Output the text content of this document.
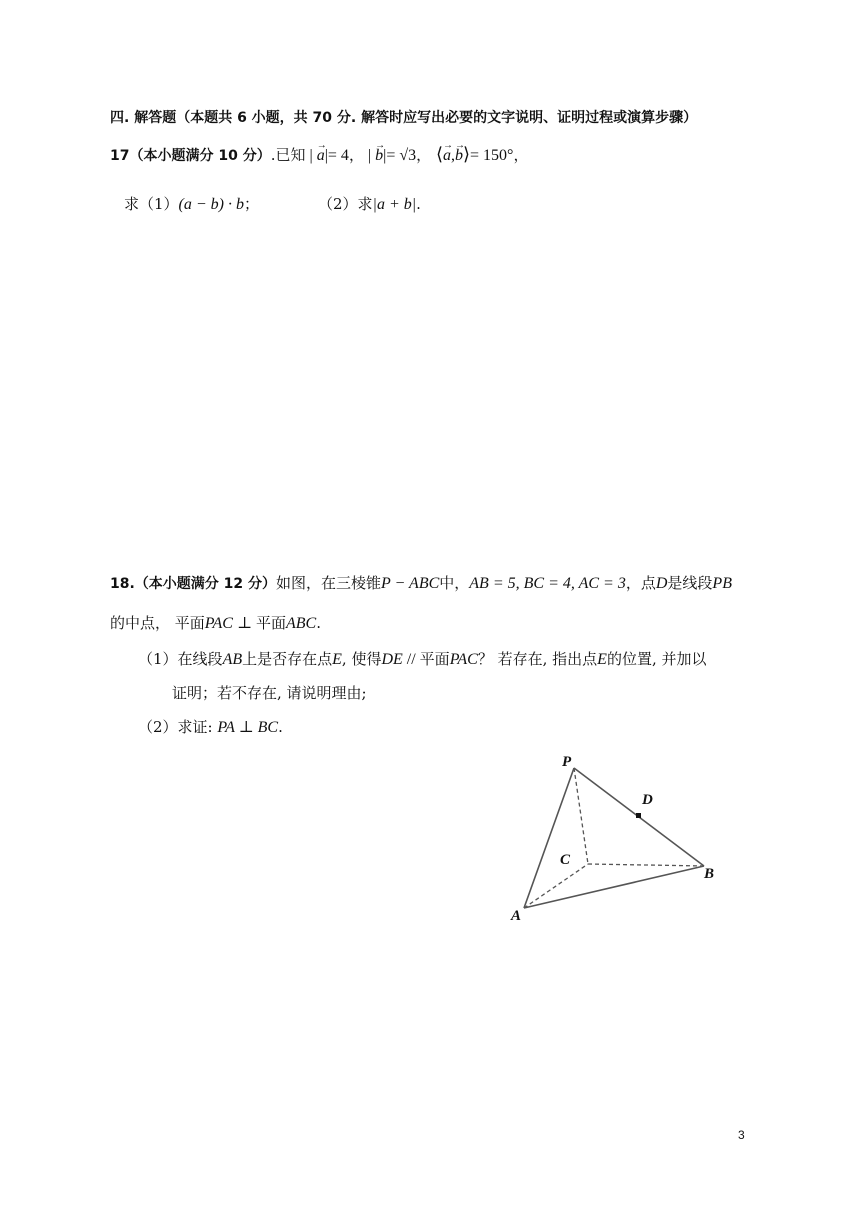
四. 解答题（本题共 6 小题，共 70 分. 解答时应写出必要的文字说明、证明过程或演算步骤）
17（本小题满分 10 分）.已知 | → a|= 4， | → b|= √3， ⟨→ a,→ b⟩= 150°，
求（1）(a − b) · b；	（2）求|a + b|.
18.（本小题满分 12 分）如图，在三棱锥P − ABC中，AB = 5, BC = 4, AC = 3，点D是线段PB
的中点， 平面PAC ⊥ 平面ABC.
（1）在线段AB上是否存在点E, 使得DE // 平面PAC？ 若存在, 指出点E的位置, 并加以
证明；若不存在, 请说明理由;
（2）求证: PA ⊥ BC.
P
D
C
B
A
3
